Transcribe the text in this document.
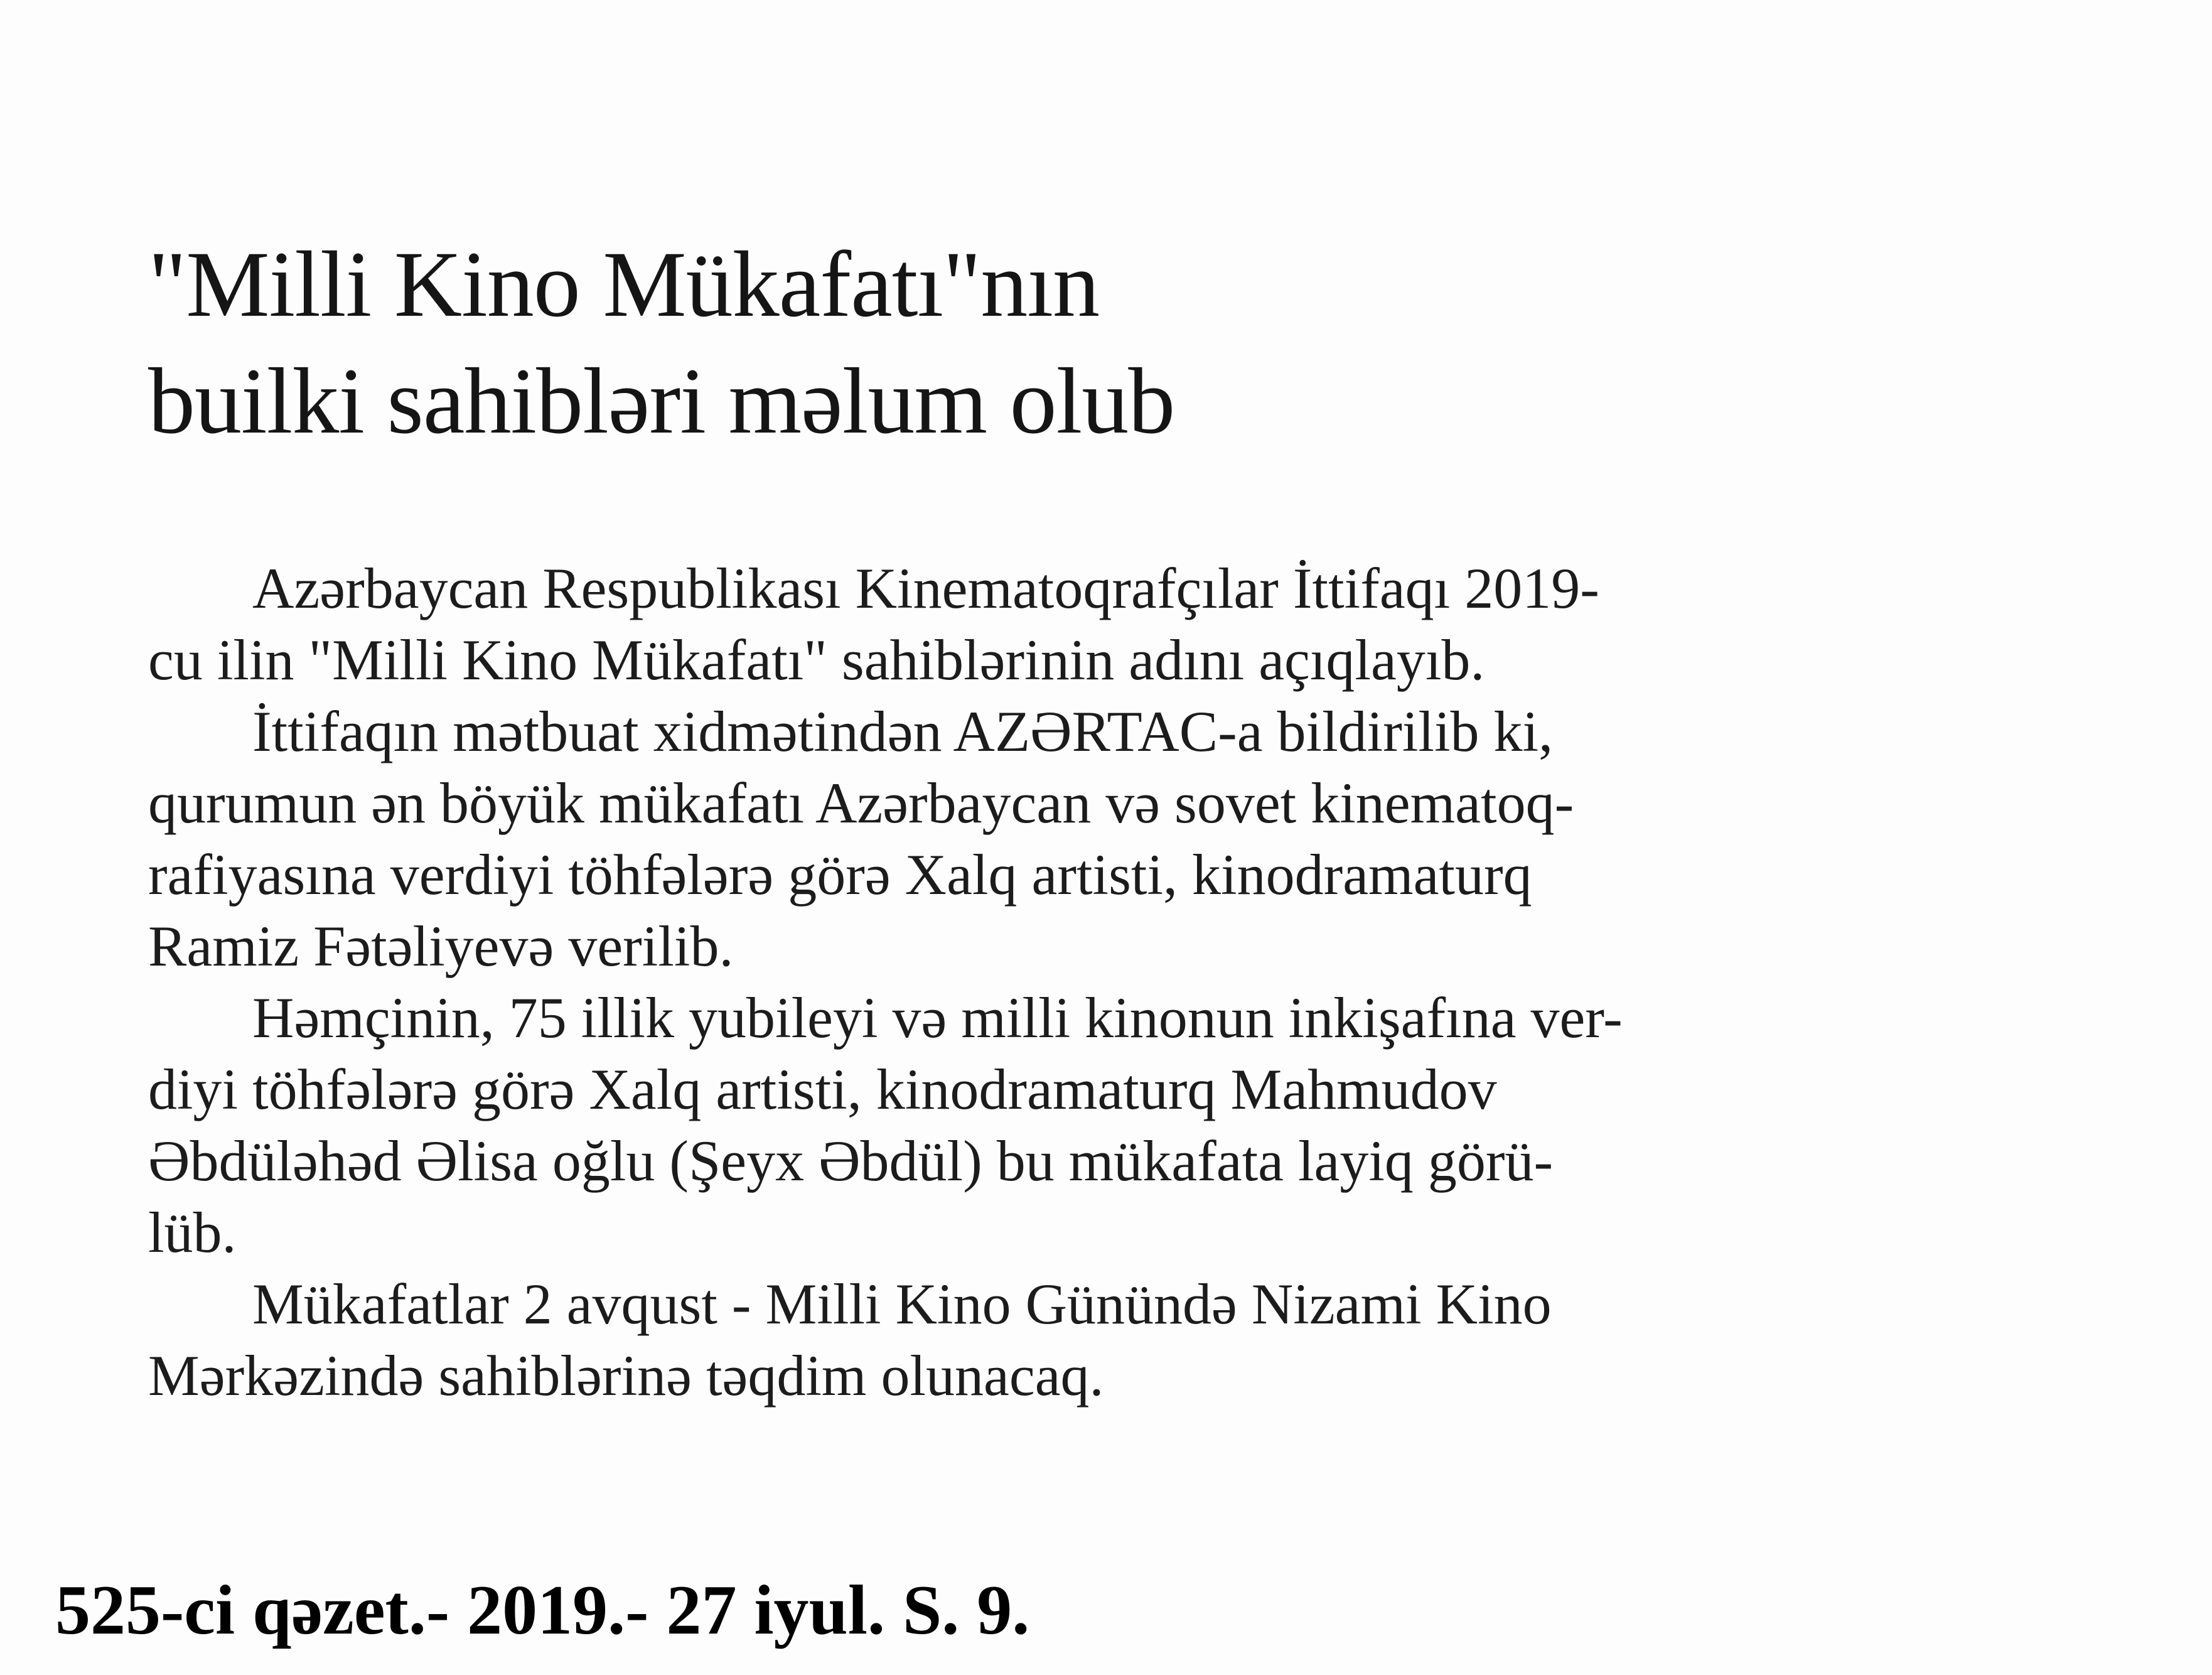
"Milli Kino Mükafatı"nın
builki sahibləri məlum olub

Azərbaycan Respublikası Kinematoqrafçılar İttifaqı 2019-
cu ilin "Milli Kino Mükafatı" sahiblərinin adını açıqlayıb.

İttifaqın mətbuat xidmətindən AZƏRTAC-a bildirilib ki,
qurumun ən böyük mükafatı Azərbaycan və sovet kinematoq-
rafiyasına verdiyi töhfələrə görə Xalq artisti, kinodramaturq
Ramiz Fətəliyevə verilib.

Həmçinin, 75 illik yubileyi və milli kinonun inkişafına ver-
diyi töhfələrə görə Xalq artisti, kinodramaturq Mahmudov
Əbdüləhəd Əlisa oğlu (Şeyx Əbdül) bu mükafata layiq görü-
lüb.

Mükafatlar 2 avqust - Milli Kino Günündə Nizami Kino
Mərkəzində sahiblərinə təqdim olunacaq.

525-ci qəzet.- 2019.- 27 iyul. S. 9.
